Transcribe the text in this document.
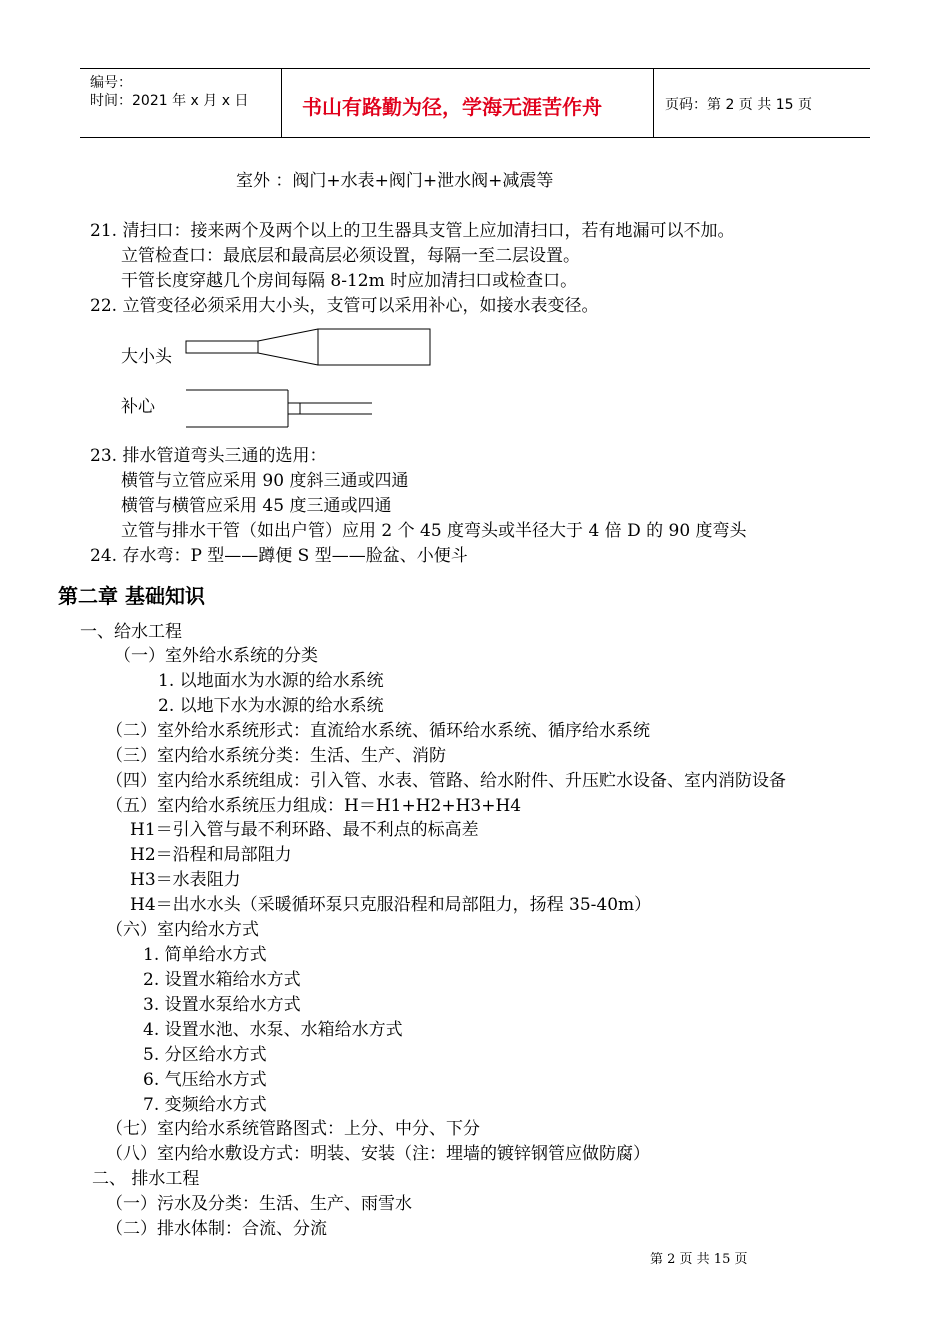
编号：
时间：2021 年 x 月 x 日	书山有路勤为径，学海无涯苦作舟	页码：第 2 页 共 15 页
室外 ：阀门+水表+阀门+泄水阀+减震等
21. 清扫口：接来两个及两个以上的卫生器具支管上应加清扫口，若有地漏可以不加。
立管检查口：最底层和最高层必须设置，每隔一至二层设置。
干管长度穿越几个房间每隔 8-12m 时应加清扫口或检查口。
22. 立管变径必须采用大小头，支管可以采用补心，如接水表变径。
大小头
补心
23. 排水管道弯头三通的选用：
横管与立管应采用 90 度斜三通或四通
横管与横管应采用 45 度三通或四通
立管与排水干管（如出户管）应用 2 个 45 度弯头或半径大于 4 倍 D 的 90 度弯头
24. 存水弯：P 型——蹲便 S 型——脸盆、小便斗
第二章 基础知识
一、给水工程
（一）室外给水系统的分类
1. 以地面水为水源的给水系统
2. 以地下水为水源的给水系统
（二）室外给水系统形式：直流给水系统、循环给水系统、循序给水系统
（三）室内给水系统分类：生活、生产、消防
（四）室内给水系统组成：引入管、水表、管路、给水附件、升压贮水设备、室内消防设备
（五）室内给水系统压力组成：H＝H1+H2+H3+H4
H1＝引入管与最不利环路、最不利点的标高差
H2＝沿程和局部阻力
H3＝水表阻力
H4＝出水水头（采暖循环泵只克服沿程和局部阻力，扬程 35-40m）
（六）室内给水方式
1. 简单给水方式
2. 设置水箱给水方式
3. 设置水泵给水方式
4. 设置水池、水泵、水箱给水方式
5. 分区给水方式
6. 气压给水方式
7. 变频给水方式
（七）室内给水系统管路图式：上分、中分、下分
（八）室内给水敷设方式：明装、安装（注：埋墙的镀锌钢管应做防腐）
二、 排水工程
（一）污水及分类：生活、生产、雨雪水
（二）排水体制：合流、分流
第 2 页 共 15 页
